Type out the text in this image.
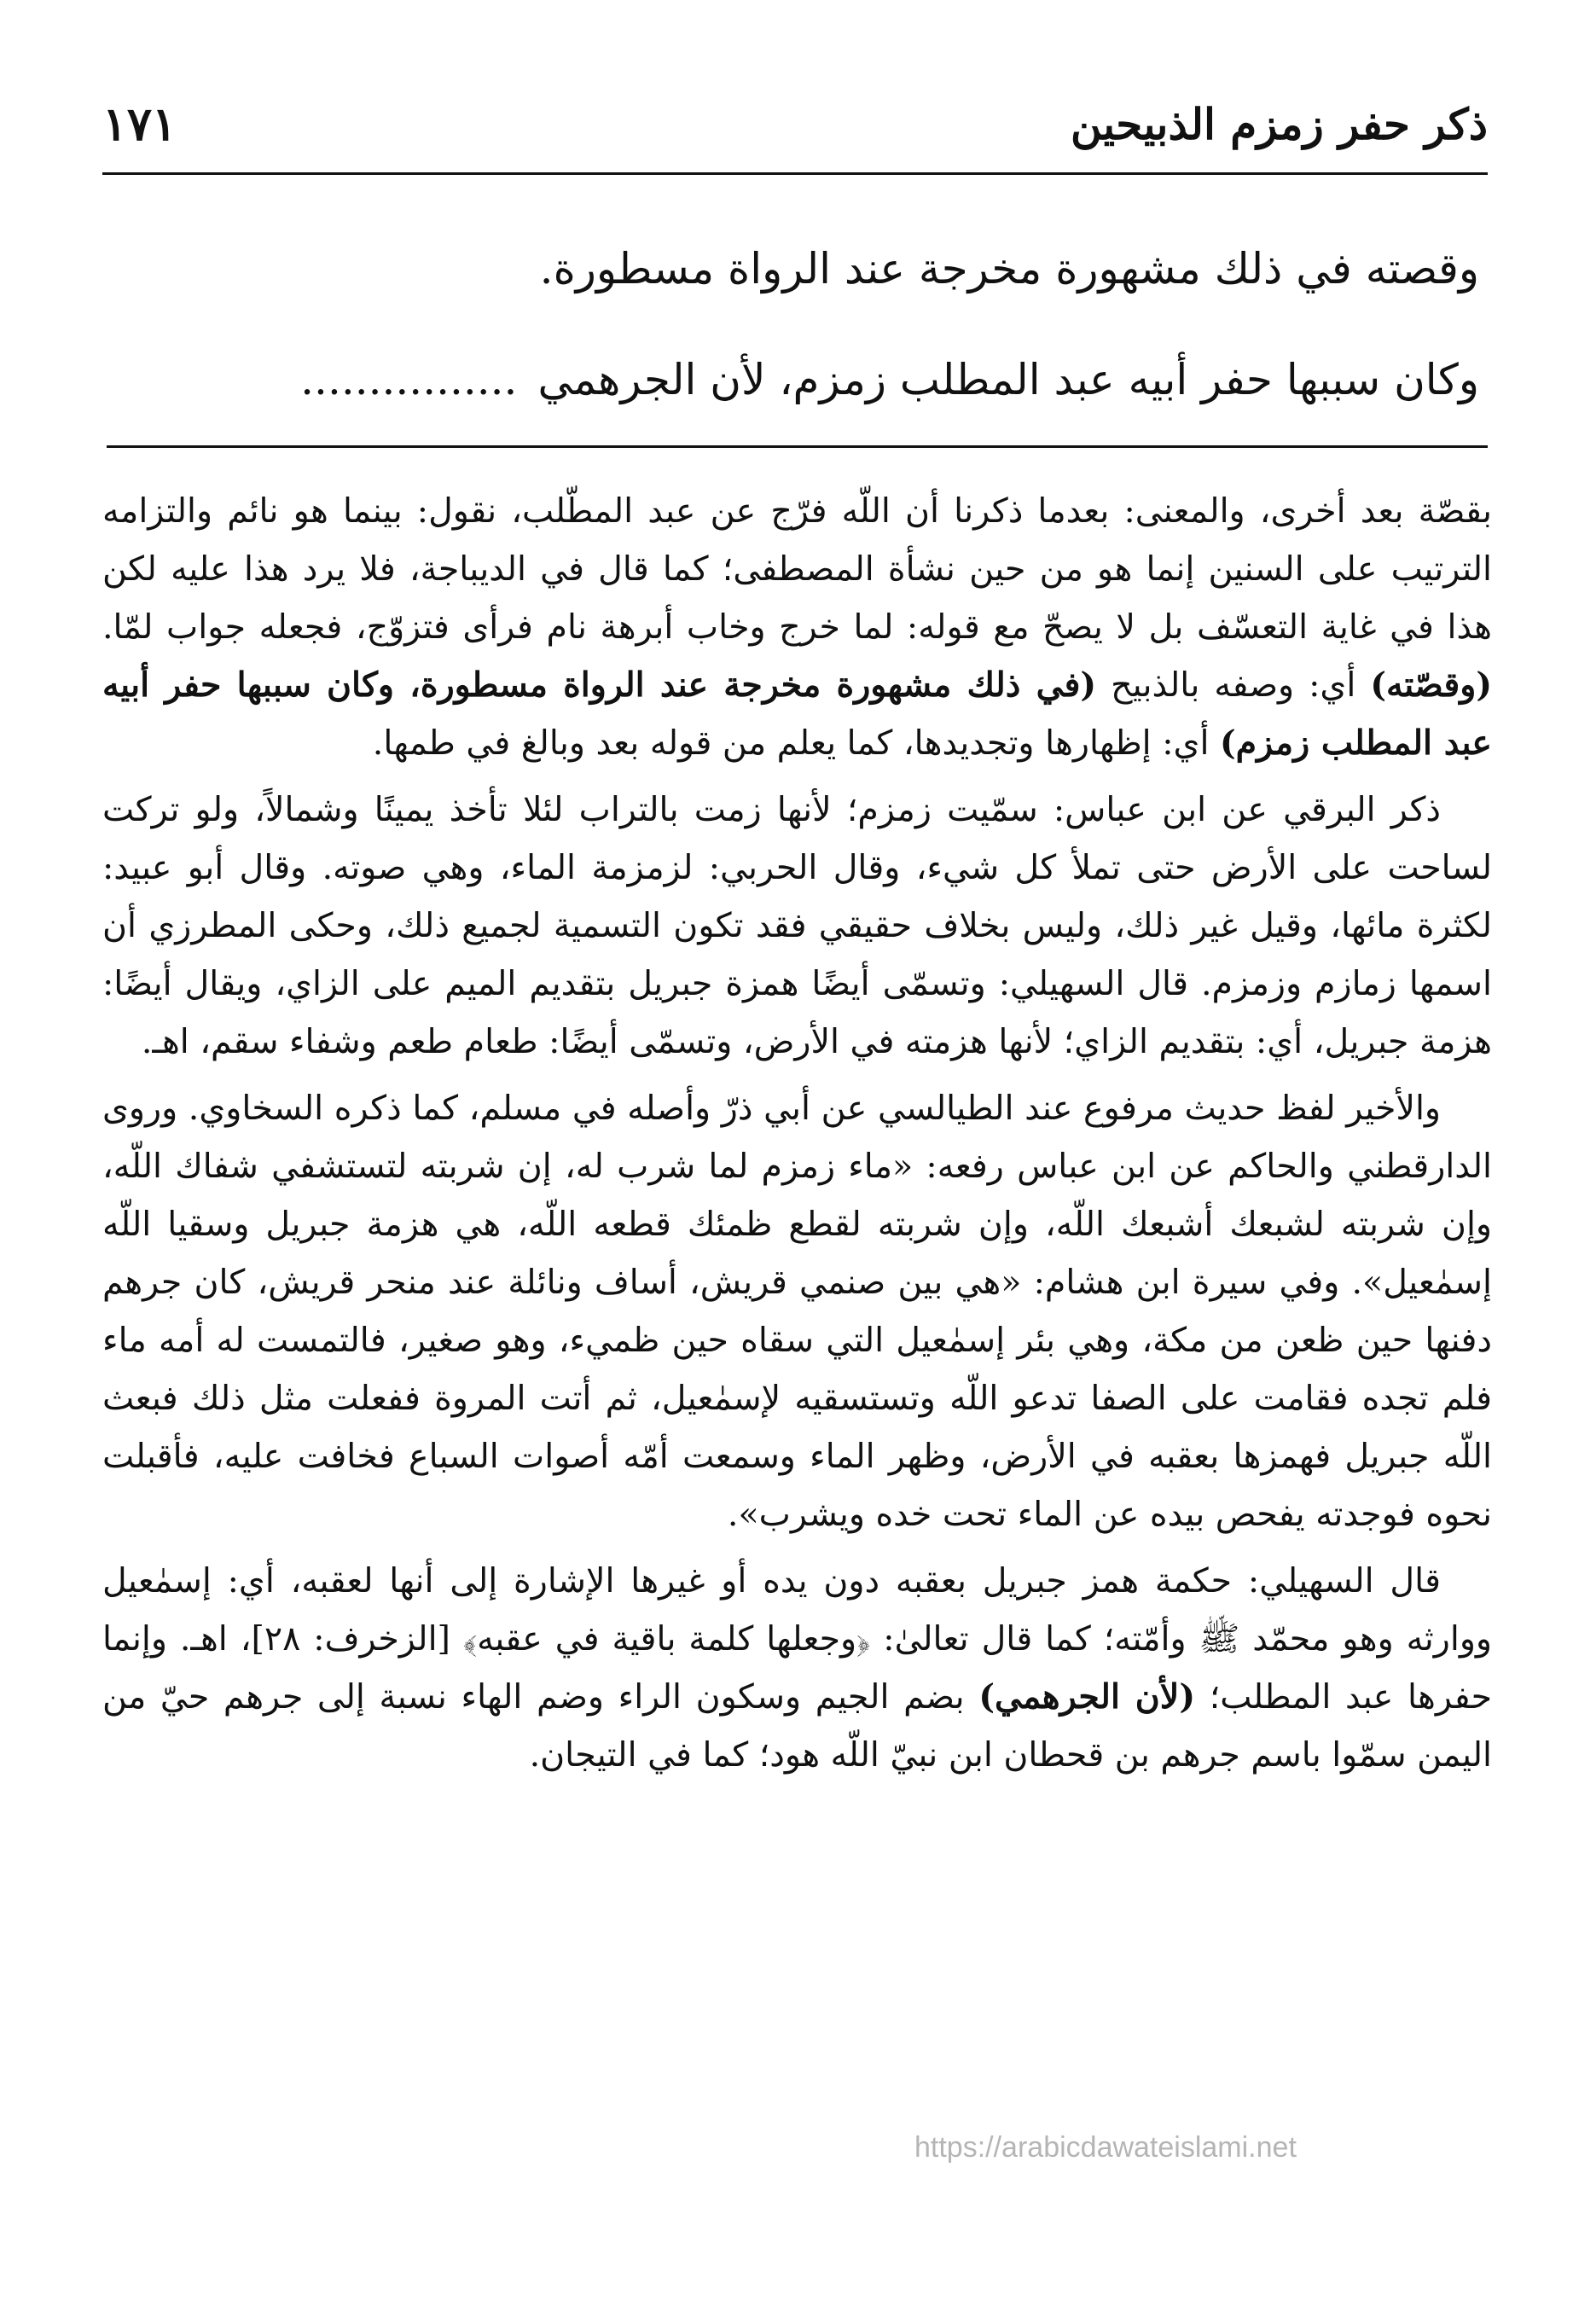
ذكر حفر زمزم الذبيحين
١٧١

وقصته في ذلك مشهورة مخرجة عند الرواة مسطورة.

وكان سببها حفر أبيه عبد المطلب زمزم، لأن الجرهمي................

بقصّة بعد أخرى، والمعنى: بعدما ذكرنا أن اللّه فرّج عن عبد المطّلب، نقول: بينما هو نائم والتزامه الترتيب على السنين إنما هو من حين نشأة المصطفى؛ كما قال في الديباجة، فلا يرد هذا عليه لكن هذا في غاية التعسّف بل لا يصحّ مع قوله: لما خرج وخاب أبرهة نام فرأى فتزوّج، فجعله جواب لمّا. (وقصّته) أي: وصفه بالذبيح (في ذلك مشهورة مخرجة عند الرواة مسطورة، وكان سببها حفر أبيه عبد المطلب زمزم) أي: إظهارها وتجديدها، كما يعلم من قوله بعد وبالغ في طمها.

ذكر البرقي عن ابن عباس: سمّيت زمزم؛ لأنها زمت بالتراب لئلا تأخذ يمينًا وشمالاً، ولو تركت لساحت على الأرض حتى تملأ كل شيء، وقال الحربي: لزمزمة الماء، وهي صوته. وقال أبو عبيد: لكثرة مائها، وقيل غير ذلك، وليس بخلاف حقيقي فقد تكون التسمية لجميع ذلك، وحكى المطرزي أن اسمها زمازم وزمزم. قال السهيلي: وتسمّى أيضًا همزة جبريل بتقديم الميم على الزاي، ويقال أيضًا: هزمة جبريل، أي: بتقديم الزاي؛ لأنها هزمته في الأرض، وتسمّى أيضًا: طعام طعم وشفاء سقم، اهـ.

والأخير لفظ حديث مرفوع عند الطيالسي عن أبي ذرّ وأصله في مسلم، كما ذكره السخاوي. وروى الدارقطني والحاكم عن ابن عباس رفعه: «ماء زمزم لما شرب له، إن شربته لتستشفي شفاك اللّه، وإن شربته لشبعك أشبعك اللّه، وإن شربته لقطع ظمئك قطعه اللّه، هي هزمة جبريل وسقيا اللّه إسمٰعيل». وفي سيرة ابن هشام: «هي بين صنمي قريش، أساف ونائلة عند منحر قريش، كان جرهم دفنها حين ظعن من مكة، وهي بئر إسمٰعيل التي سقاه حين ظميء، وهو صغير، فالتمست له أمه ماء فلم تجده فقامت على الصفا تدعو اللّه وتستسقيه لإسمٰعيل، ثم أتت المروة ففعلت مثل ذلك فبعث اللّه جبريل فهمزها بعقبه في الأرض، وظهر الماء وسمعت أمّه أصوات السباع فخافت عليه، فأقبلت نحوه فوجدته يفحص بيده عن الماء تحت خده ويشرب».

قال السهيلي: حكمة همز جبريل بعقبه دون يده أو غيرها الإشارة إلى أنها لعقبه، أي: إسمٰعيل ووارثه وهو محمّد ﷺ وأمّته؛ كما قال تعالىٰ: ﴿وجعلها كلمة باقية في عقبه﴾ [الزخرف: ٢٨]، اهـ. وإنما حفرها عبد المطلب؛ (لأن الجرهمي) بضم الجيم وسكون الراء وضم الهاء نسبة إلى جرهم حيّ من اليمن سمّوا باسم جرهم بن قحطان ابن نبيّ اللّه هود؛ كما في التيجان.

https://arabicdawateislami.net
